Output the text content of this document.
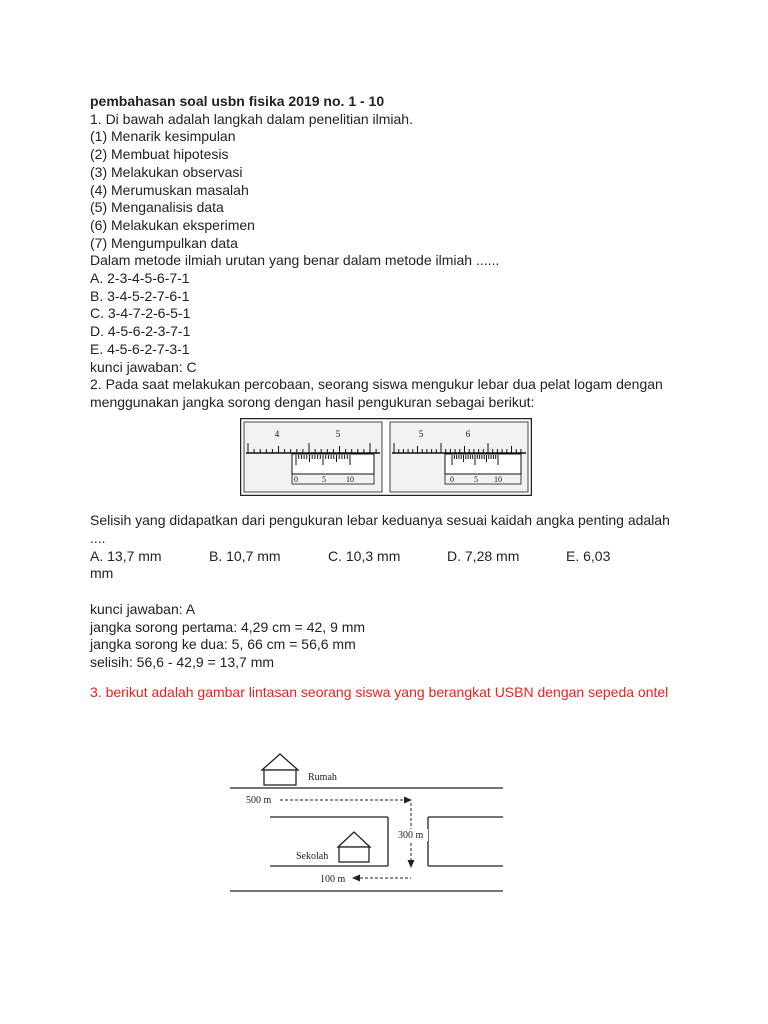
pembahasan soal usbn fisika 2019 no. 1 - 10
1. Di bawah adalah langkah dalam penelitian ilmiah.
(1) Menarik kesimpulan
(2) Membuat hipotesis
(3) Melakukan observasi
(4) Merumuskan masalah
(5) Menganalisis data
(6) Melakukan eksperimen
(7) Mengumpulkan data
Dalam metode ilmiah urutan yang benar dalam metode ilmiah ......
A. 2-3-4-5-6-7-1
B. 3-4-5-2-7-6-1
C. 3-4-7-2-6-5-1
D. 4-5-6-2-3-7-1
E. 4-5-6-2-7-3-1
kunci jawaban: C
2. Pada saat melakukan percobaan, seorang siswa mengukur lebar dua pelat logam dengan menggunakan jangka sorong dengan hasil pengukuran sebagai berikut:
4	5
0	5	10
5	6
0	5 10
Selisih yang didapatkan dari pengukuran lebar keduanya sesuai kaidah angka penting adalah ....
A. 13,7 mm	B. 10,7 mm	C. 10,3 mm	D. 7,28 mm	E. 6,03
mm
kunci jawaban: A
jangka sorong pertama: 4,29 cm = 42, 9 mm
jangka sorong ke dua: 5, 66 cm = 56,6 mm
selisih: 56,6 - 42,9 = 13,7 mm
3. berikut adalah gambar lintasan seorang siswa yang berangkat USBN dengan sepeda ontel
Rumah
Sekolah
500 m
300 m
100 m
